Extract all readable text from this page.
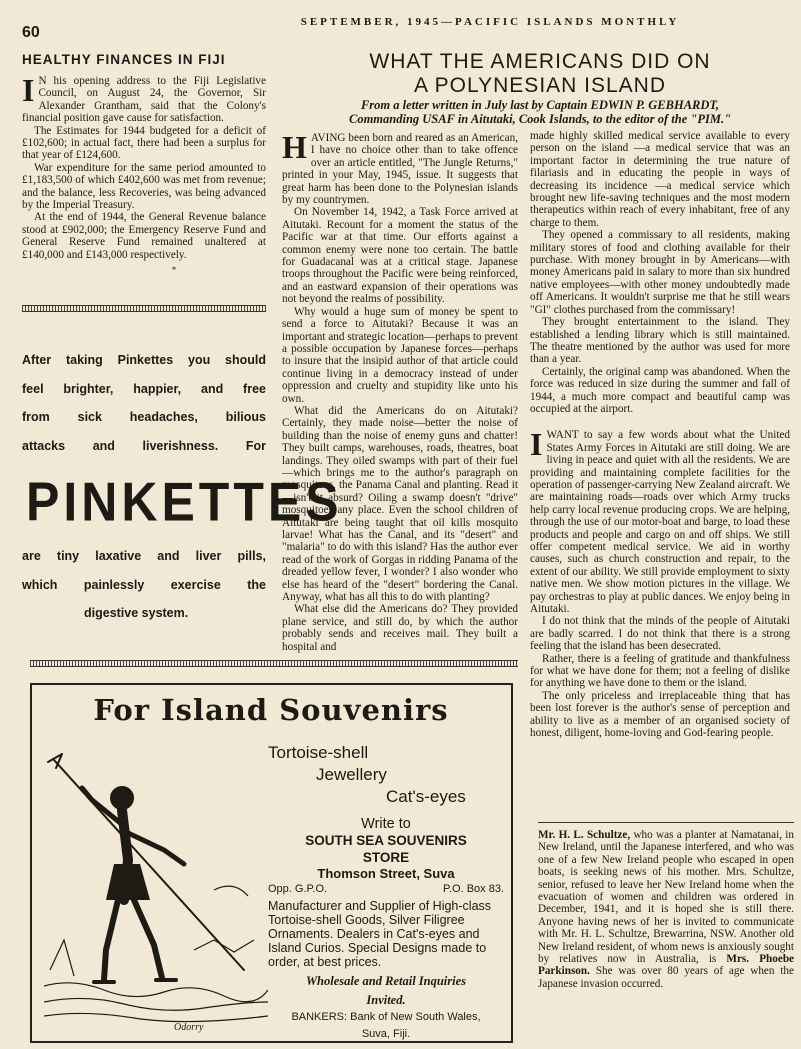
60
SEPTEMBER, 1945—PACIFIC ISLANDS MONTHLY
HEALTHY FINANCES IN FIJI

I N his opening address to the Fiji Legislative Council, on August 24, the Governor, Sir Alexander Grantham, said that the Colony's financial position gave cause for satisfaction.

The Estimates for 1944 budgeted for a deficit of £102,600; in actual fact, there had been a surplus for that year of £124,600.

War expenditure for the same period amounted to £1,183,500 of which £402,600 was met from revenue; and the balance, less Recoveries, was being advanced by the Imperial Treasury.

At the end of 1944, the General Revenue balance stood at £902,000; the Emergency Reserve Fund and General Reserve Fund remained unaltered at £140,000 and £143,000 respectively.

*
After taking Pinkettes you should
feel brighter, happier, and free
from sick headaches, bilious
attacks and liverishness. For
PINKETTES
are tiny laxative and liver pills,
which painlessly exercise the
digestive system.
WHAT THE AMERICANS DID ON
A POLYNESIAN ISLAND
From a letter written in July last by Captain EDWIN P. GEBHARDT,
Commanding USAF in Aitutaki, Cook Islands, to the editor of the "PIM."

HAVING been born and reared as an American, I have no choice other than to take offence over an article entitled, "The Jungle Returns," printed in your May, 1945, issue. It suggests that great harm has been done to the Polynesian islands by my countrymen.

On November 14, 1942, a Task Force arrived at Aitutaki. Recount for a moment the status of the Pacific war at that time. Our efforts against a common enemy were none too certain. The battle for Guadacanal was at a critical stage. Japanese troops throughout the Pacific were being reinforced, and an eastward expansion of their operations was not beyond the realms of possibility.

Why would a huge sum of money be spent to send a force to Aitutaki? Because it was an important and strategic location—perhaps to prevent a possible occupation by Japanese forces—perhaps to insure that the insipid author of that article could continue living in a democracy instead of under oppression and cruelty and stupidity like unto his own.

What did the Americans do on Aitutaki? Certainly, they made noise—better the noise of building than the noise of enemy guns and chatter! They built camps, warehouses, roads, theatres, boat landings. They oiled swamps with part of their fuel—which brings me to the author's paragraph on mosquitoes, the Panama Canal and planting. Read it—isn't it absurd? Oiling a swamp doesn't "drive" mosquitoes any place. Even the school children of Aitutaki are being taught that oil kills mosquito larvae! What has the Canal, and its "desert" and "malaria" to do with this island? Has the author ever read of the work of Gorgas in ridding Panama of the dreaded yellow fever, I wonder? I also wonder who else has heard of the "desert" bordering the Canal. Anyway, what has all this to do with planting?

What else did the Americans do? They provided plane service, and still do, by which the author probably sends and receives mail. They built a hospital and

made highly skilled medical service available to every person on the island —a medical service that was an important factor in determining the true nature of filariasis and in educating the people in ways of decreasing its incidence —a medical service which brought new life-saving techniques and the most modern therapeutics within reach of every inhabitant, free of any charge to them.

They opened a commissary to all residents, making military stores of food and clothing available for their purchase. With money brought in by Americans—with money Americans paid in salary to more than six hundred native employees—with other money undoubtedly made off Americans. It wouldn't surprise me that he still wears "GI" clothes purchased from the commissary!

They brought entertainment to the island. They established a lending library which is still maintained. The theatre mentioned by the author was used for more than a year.

Certainly, the original camp was abandoned. When the force was reduced in size during the summer and fall of 1944, a much more compact and beautiful camp was occupied at the airport.

IWANT to say a few words about what the United States Army Forces in Aitutaki are still doing. We are living in peace and quiet with all the residents. We are providing and maintaining complete facilities for the operation of passenger-carrying New Zealand aircraft. We are maintaining roads—roads over which Army trucks help carry local revenue producing crops. We are helping, through the use of our motor-boat and barge, to load these products and people and cargo on and off ships. We still offer competent medical service. We aid in worthy causes, such as church construction and repair, to the extent of our ability. We still provide employment to sixty native men. We show motion pictures in the village. We pay orchestras to play at public dances. We enjoy being in Aitutaki.

I do not think that the minds of the people of Aitutaki are badly scarred. I do not think that there is a strong feeling that the island has been desecrated.

Rather, there is a feeling of gratitude and thankfulness for what we have done for them; not a feeling of dislike for anything we have done to them or the island.

The only priceless and irreplaceable thing that has been lost forever is the author's sense of perception and ability to live as a member of an organised society of honest, diligent, home-loving and God-fearing people.

Mr. H. L. Schultze, who was a planter at Namatanai, in New Ireland, until the Japanese interfered, and who was one of a few New Ireland people who escaped in open boats, is seeking news of his mother. Mrs. Schultze, senior, refused to leave her New Ireland home when the evacuation of women and children was ordered in December, 1941, and it is hoped she is still there. Anyone having news of her is invited to communicate with Mr. H. L. Schultze, Brewarrina, NSW. Another old New Ireland resident, of whom news is anxiously sought by relatives now in Australia, is Mrs. Phoebe Parkinson. She was over 80 years of age when the Japanese invasion occurred.

For Island Souvenirs
Odorry
Tortoise-shell
Jewellery
Cat's-eyes
Write to
SOUTH SEA SOUVENIRS
STORE
Thomson Street, Suva
Opp. G.P.O.	P.O. Box 83.
Manufacturer and Supplier of High-class Tortoise-shell Goods, Silver Filigree Ornaments. Dealers in Cat's-eyes and Island Curios. Special Designs made to order, at best prices.
Wholesale and Retail Inquiries
Invited.
BANKERS: Bank of New South Wales,
Suva, Fiji.
